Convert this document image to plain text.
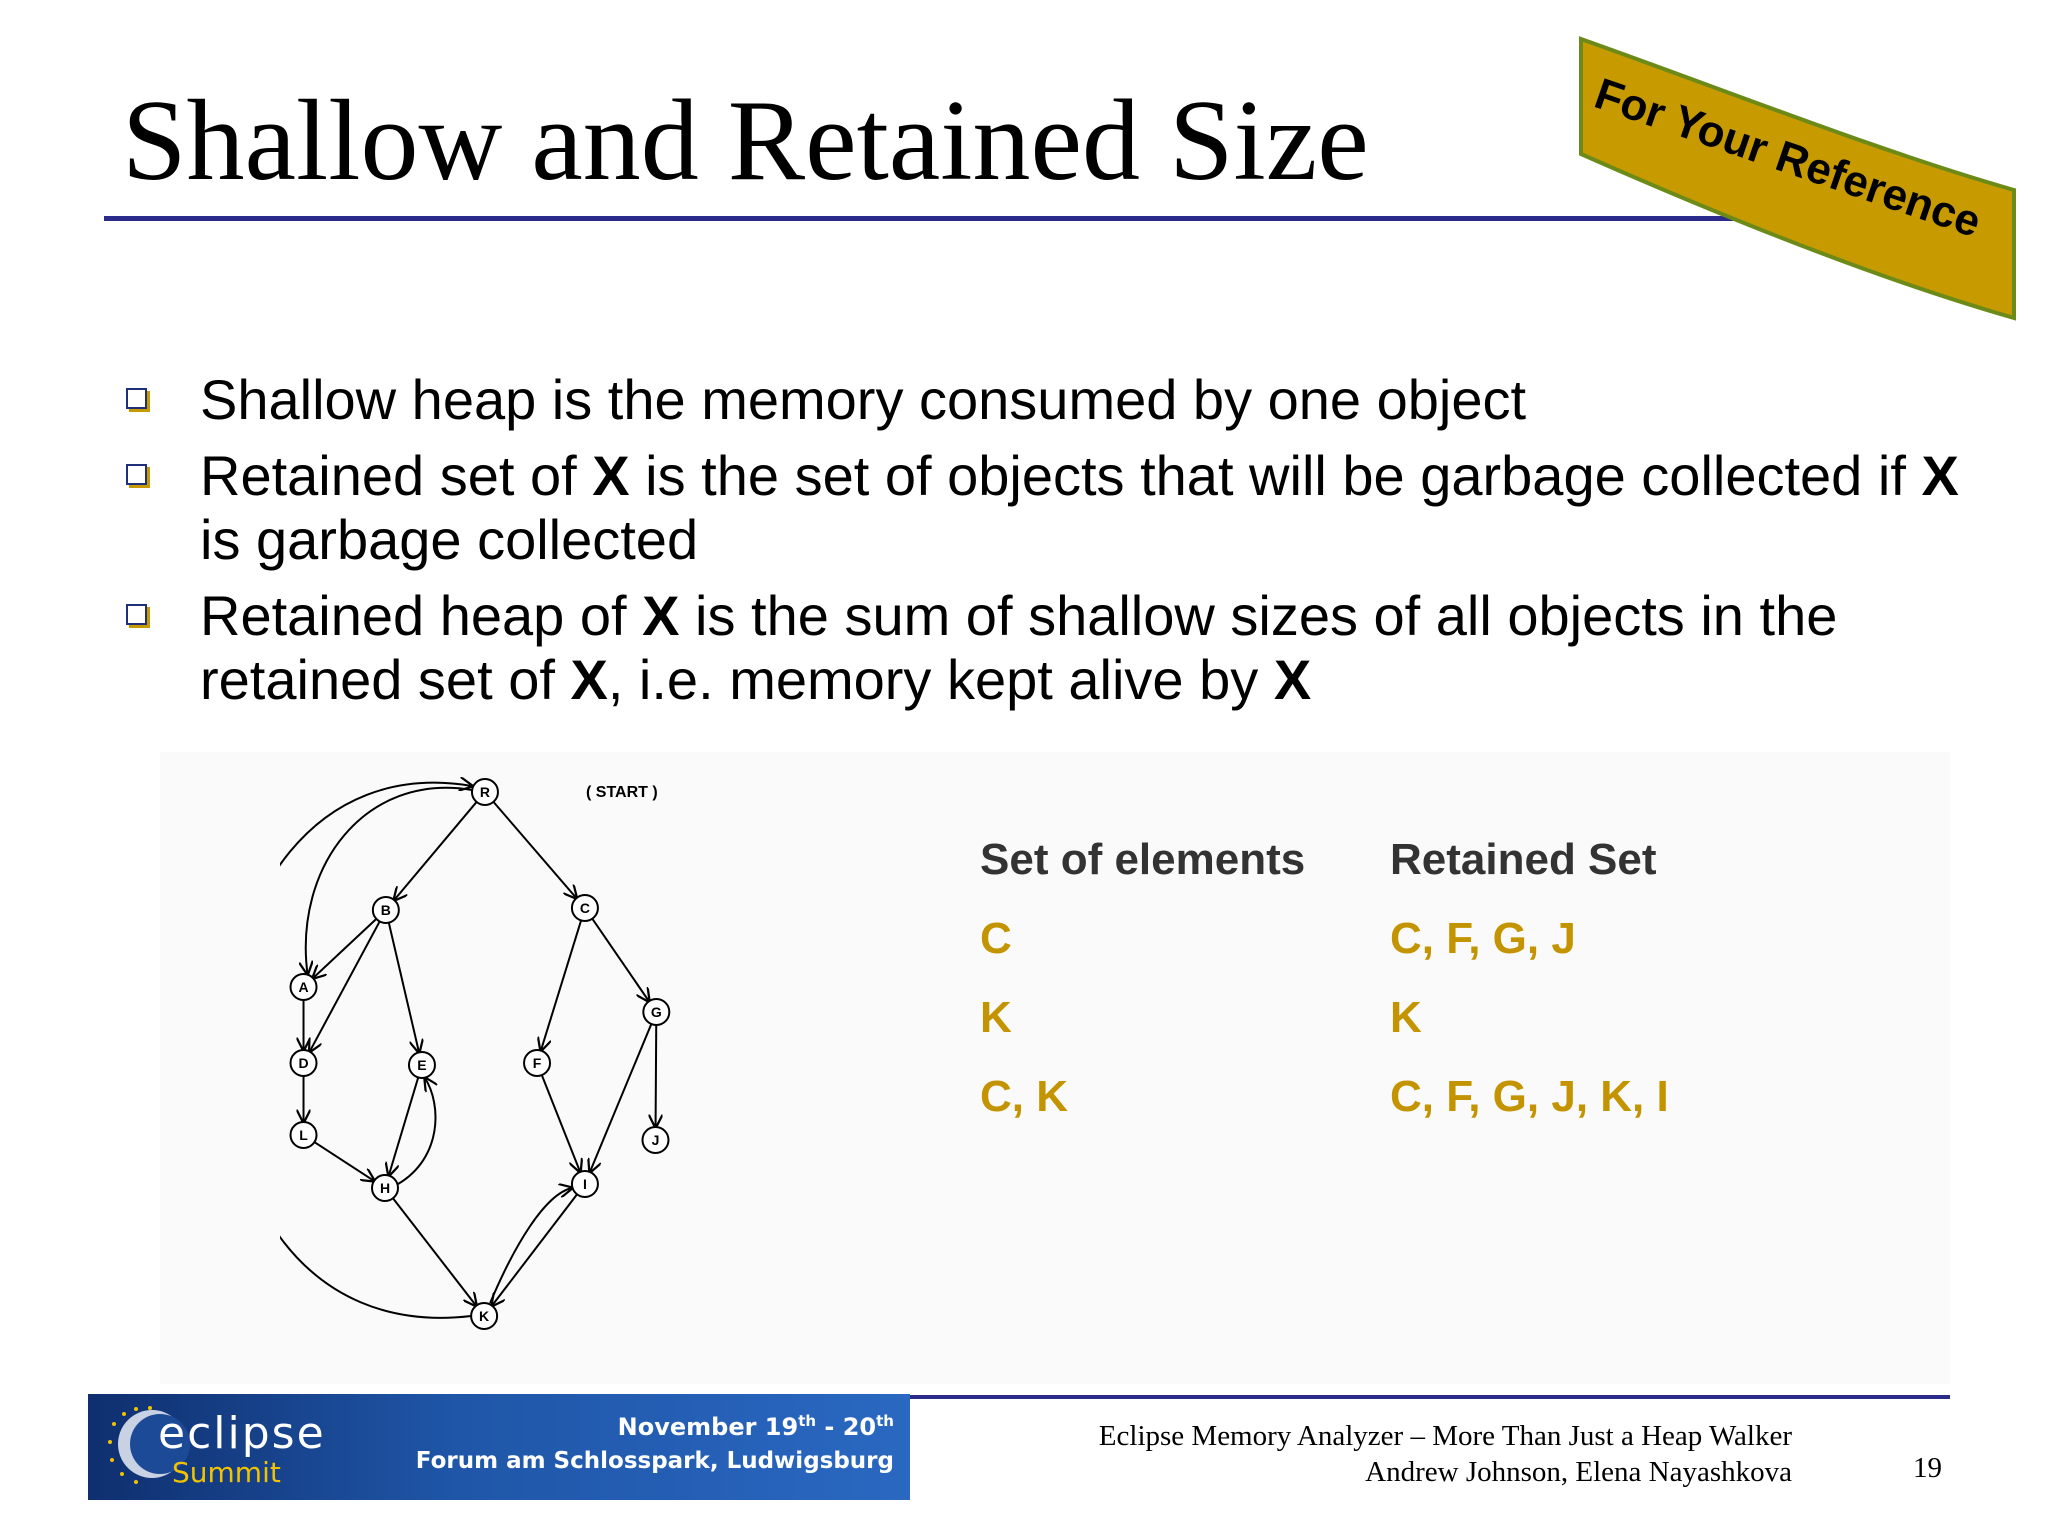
Shallow and Retained Size	For Your Reference
Shallow heap is the memory consumed by one object
Retained set of X is the set of objects that will be garbage collected if X is garbage collected
Retained heap of X is the sum of shallow sizes of all objects in the retained set of X, i.e. memory kept alive by X
R
B	C
A
G
D	E	F
J
L
H	I
K
( START )
Set of elements	Retained Set
C	C, F, G, J
K	K
C, K	C, F, G, J, K, I
eclipse
Summit
November 19th - 20th
Forum am Schlosspark, Ludwigsburg
Eclipse Memory Analyzer – More Than Just a Heap Walker
Andrew Johnson, Elena Nayashkova	19
